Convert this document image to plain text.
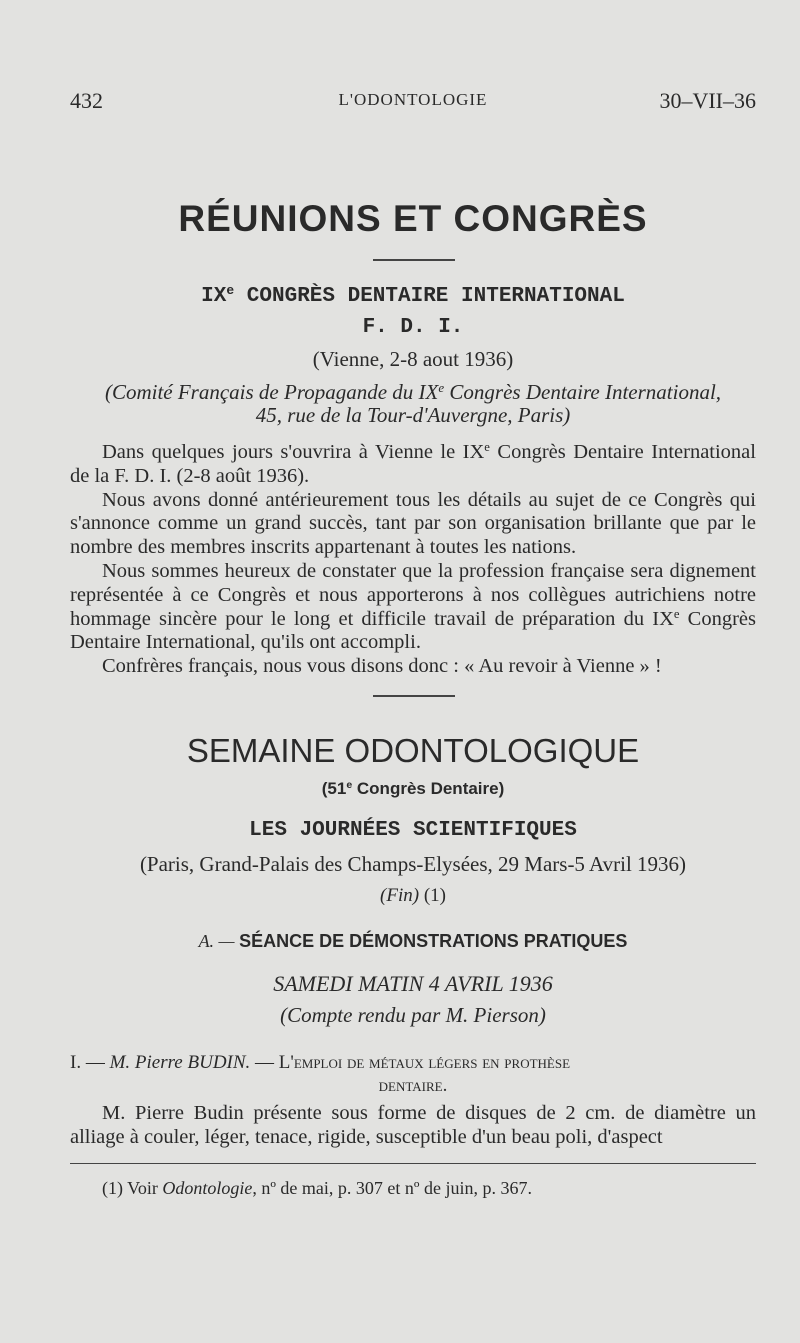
432	L'ODONTOLOGIE	30–VII–36
RÉUNIONS ET CONGRÈS
IXe CONGRÈS DENTAIRE INTERNATIONAL
F. D. I.
(Vienne, 2-8 aout 1936)
(Comité Français de Propagande du IXe Congrès Dentaire International,
45, rue de la Tour-d'Auvergne, Paris)

Dans quelques jours s'ouvrira à Vienne le IXe Congrès Dentaire International de la F. D. I. (2-8 août 1936).

Nous avons donné antérieurement tous les détails au sujet de ce Congrès qui s'annonce comme un grand succès, tant par son organisation brillante que par le nombre des membres inscrits appartenant à toutes les nations.

Nous sommes heureux de constater que la profession française sera dignement représentée à ce Congrès et nous apporterons à nos collègues autrichiens notre hommage sincère pour le long et difficile travail de préparation du IXe Congrès Dentaire International, qu'ils ont accompli.

Confrères français, nous vous disons donc : « Au revoir à Vienne » !

SEMAINE ODONTOLOGIQUE
(51e Congrès Dentaire)
LES JOURNÉES SCIENTIFIQUES
(Paris, Grand-Palais des Champs-Elysées, 29 Mars-5 Avril 1936)
(Fin) (1)
A. — SÉANCE DE DÉMONSTRATIONS PRATIQUES
SAMEDI MATIN 4 AVRIL 1936
(Compte rendu par M. Pierson)
I. — M. Pierre BUDIN. — L'emploi de métaux légers en prothèse
dentaire.

M. Pierre Budin présente sous forme de disques de 2 cm. de diamètre un alliage à couler, léger, tenace, rigide, susceptible d'un beau poli, d'aspect

(1) Voir Odontologie, nº de mai, p. 307 et nº de juin, p. 367.
